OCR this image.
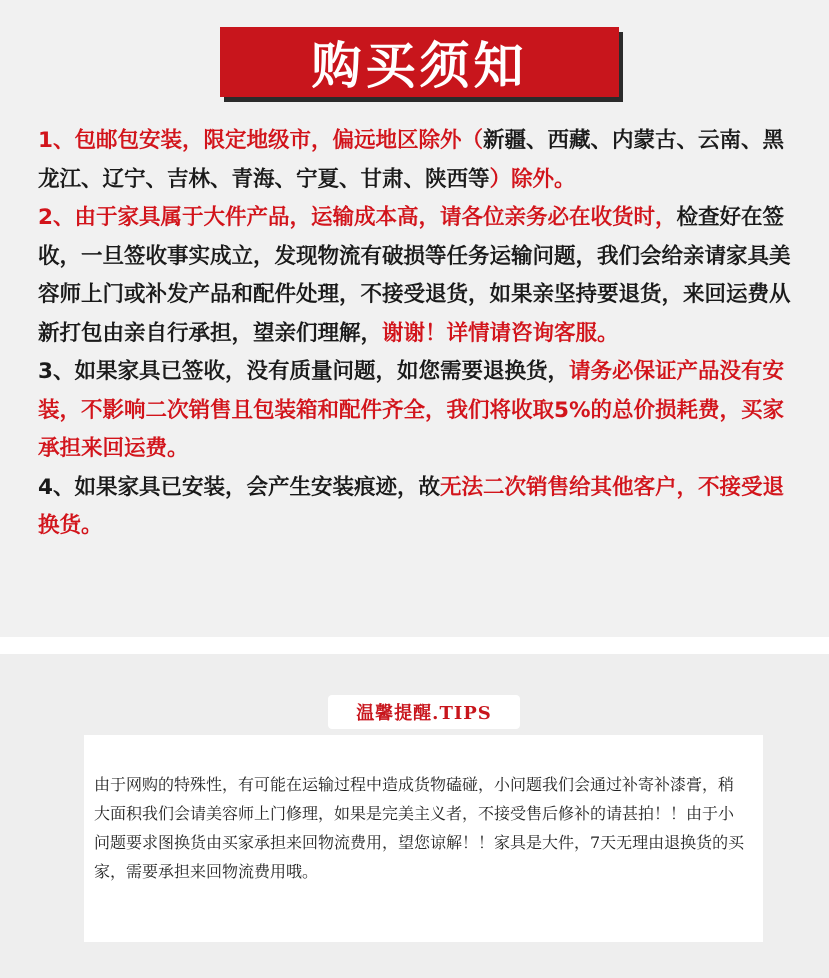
购买须知

1、包邮包安装，限定地级市，偏远地区除外（新疆、西藏、内蒙古、云南、黑龙江、辽宁、吉林、青海、宁夏、甘肃、陕西等）除外。

2、由于家具属于大件产品，运输成本高，请各位亲务必在收货时，检查好在签收，一旦签收事实成立，发现物流有破损等任务运输问题，我们会给亲请家具美容师上门或补发产品和配件处理，不接受退货，如果亲坚持要退货，来回运费从新打包由亲自行承担，望亲们理解，谢谢！详情请咨询客服。

3、如果家具已签收，没有质量问题，如您需要退换货，请务必保证产品没有安装，不影响二次销售且包装箱和配件齐全，我们将收取5%的总价损耗费，买家承担来回运费。

4、如果家具已安装，会产生安装痕迹，故无法二次销售给其他客户，不接受退换货。

温馨提醒.TIPS

由于网购的特殊性，有可能在运输过程中造成货物磕碰，小问题我们会通过补寄补漆膏，稍大面积我们会请美容师上门修理，如果是完美主义者，不接受售后修补的请甚拍！！由于小问题要求图换货由买家承担来回物流费用，望您谅解！！家具是大件，7天无理由退换货的买家，需要承担来回物流费用哦。
